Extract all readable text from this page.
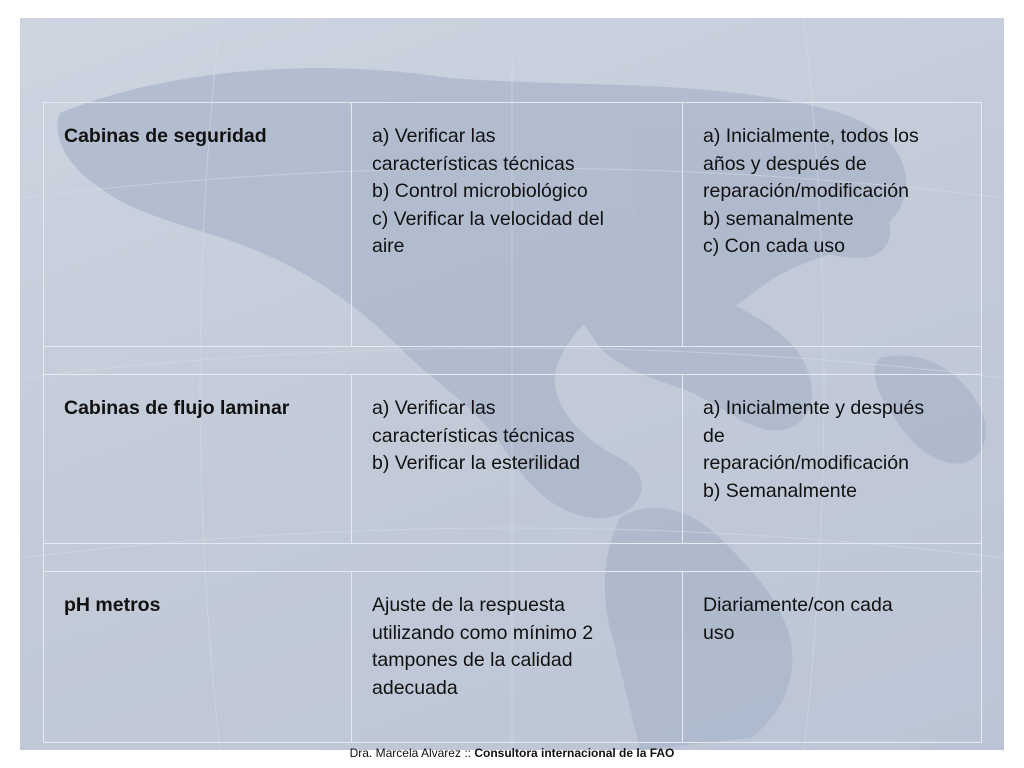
Cabinas de seguridad	a) Verificar las
características técnicas
b) Control microbiológico
c) Verificar la velocidad del
aire	a) Inicialmente, todos los
años y después de
reparación/modificación
b) semanalmente
c) Con cada uso

Cabinas de flujo laminar	a) Verificar las
características técnicas
b) Verificar la esterilidad	a) Inicialmente y después
de
reparación/modificación
b) Semanalmente

pH metros	Ajuste de la respuesta
utilizando como mínimo 2
tampones de la calidad
adecuada	Diariamente/con cada
uso
Dra. Marcela Alvarez :: Consultora internacional de la FAO
